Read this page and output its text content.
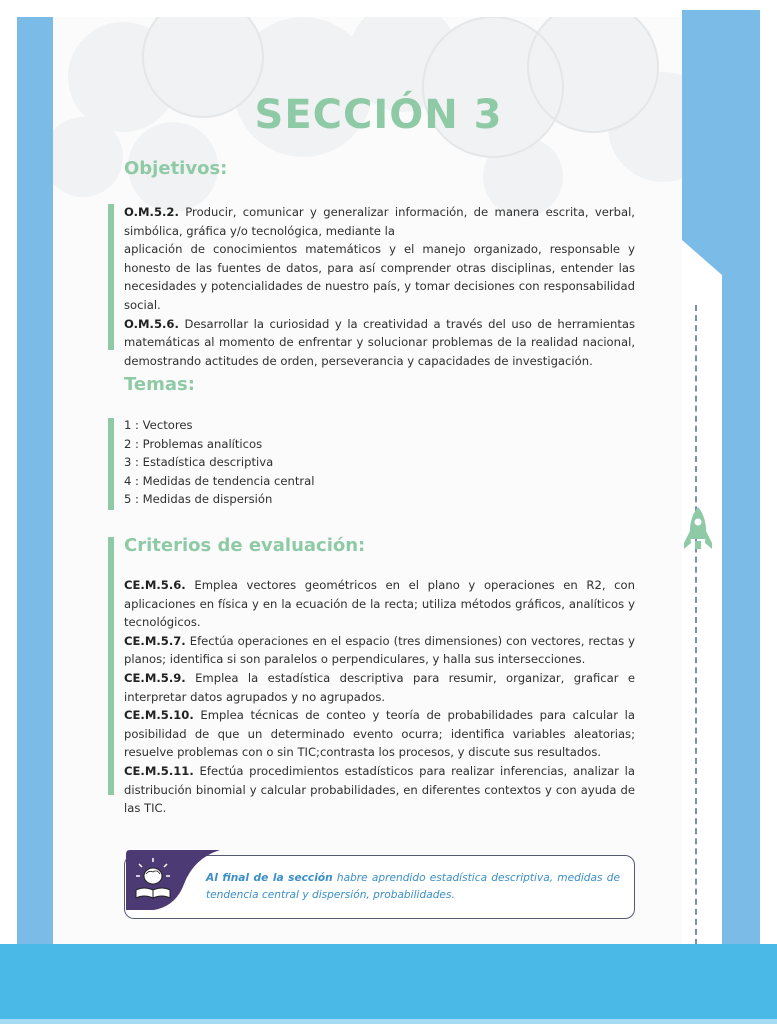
SECCIÓN 3
Objetivos:
O.M.5.2. Producir, comunicar y generalizar información, de manera escrita, verbal, simbólica, gráfica y/o tecnológica, mediante la
aplicación de conocimientos matemáticos y el manejo organizado, responsable y honesto de las fuentes de datos, para así comprender otras disciplinas, entender las necesidades y potencialidades de nuestro país, y tomar decisiones con responsabilidad social.
O.M.5.6. Desarrollar la curiosidad y la creatividad a través del uso de herramientas matemáticas al momento de enfrentar y solucionar problemas de la realidad nacional, demostrando actitudes de orden, perseverancia y capacidades de investigación.
Temas:
1 : Vectores
2 : Problemas analíticos
3 : Estadística descriptiva
4 : Medidas de tendencia central
5 : Medidas de dispersión
Criterios de evaluación:
CE.M.5.6. Emplea vectores geométricos en el plano y operaciones en R2, con aplicaciones en física y en la ecuación de la recta; utiliza métodos gráficos, analíticos y tecnológicos.
CE.M.5.7. Efectúa operaciones en el espacio (tres dimensiones) con vectores, rectas y planos; identifica si son paralelos o perpendiculares, y halla sus intersecciones.
CE.M.5.9. Emplea la estadística descriptiva para resumir, organizar, graficar e interpretar datos agrupados y no agrupados.
CE.M.5.10. Emplea técnicas de conteo y teoría de probabilidades para calcular la posibilidad de que un determinado evento ocurra; identifica variables aleatorias; resuelve problemas con o sin TIC;contrasta los procesos, y discute sus resultados.
CE.M.5.11. Efectúa procedimientos estadísticos para realizar inferencias, analizar la distribución binomial y calcular probabilidades, en diferentes contextos y con ayuda de las TIC.
Al final de la sección habre aprendido estadística descriptiva, medidas de tendencia central y dispersión, probabilidades.
